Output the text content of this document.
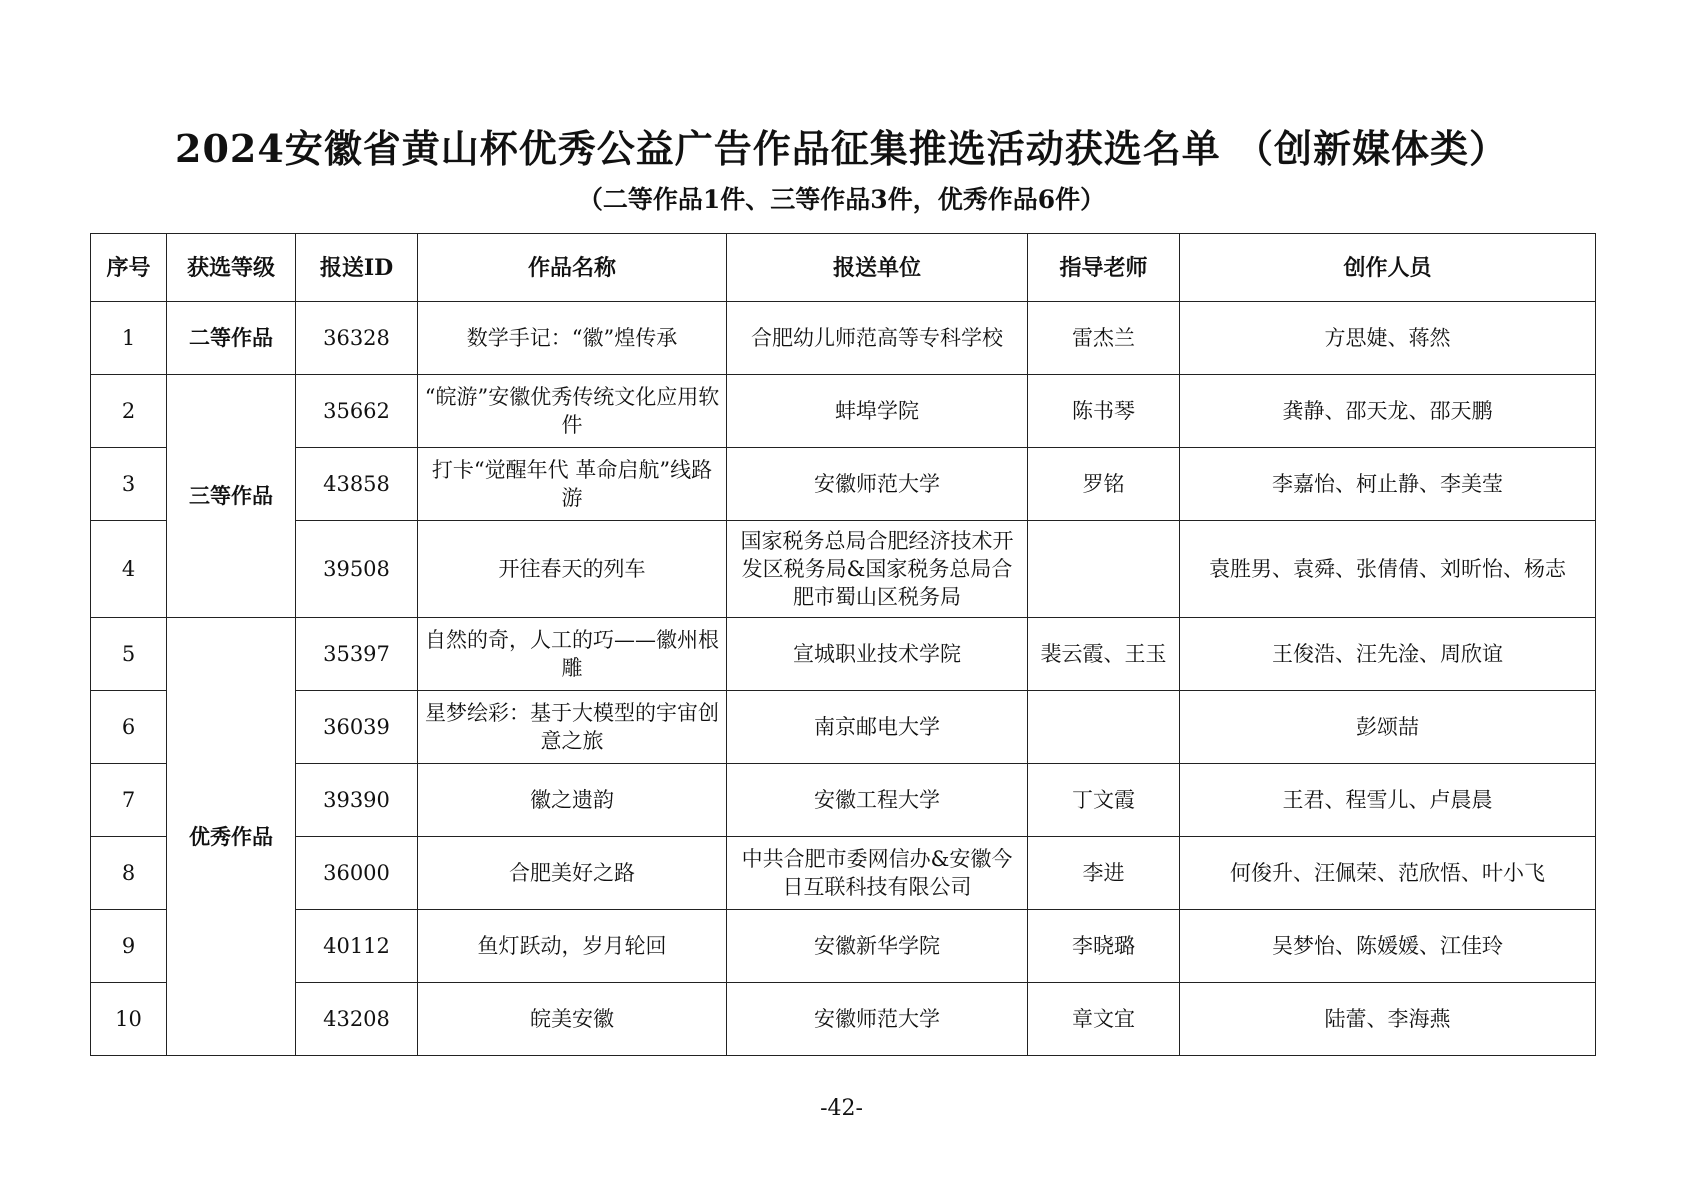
2024安徽省黄山杯优秀公益广告作品征集推选活动获选名单 （创新媒体类）
（二等作品1件、三等作品3件，优秀作品6件）
序号	获选等级	报送ID	作品名称	报送单位	指导老师	创作人员
1	二等作品	36328	数学手记：“徽”煌传承	合肥幼儿师范高等专科学校	雷杰兰	方思婕、蒋然
2	三等作品	35662	“皖游”安徽优秀传统文化应用软件	蚌埠学院	陈书琴	龚静、邵天龙、邵天鹏
3		43858	打卡“觉醒年代 革命启航”线路游	安徽师范大学	罗铭	李嘉怡、柯止静、李美莹
4		39508	开往春天的列车	国家税务总局合肥经济技术开发区税务局&国家税务总局合肥市蜀山区税务局		袁胜男、袁舜、张倩倩、刘昕怡、杨志
5	优秀作品	35397	自然的奇，人工的巧——徽州根雕	宣城职业技术学院	裴云霞、王玉	王俊浩、汪先淦、周欣谊
6		36039	星梦绘彩：基于大模型的宇宙创意之旅	南京邮电大学		彭颂喆
7		39390	徽之遗韵	安徽工程大学	丁文霞	王君、程雪儿、卢晨晨
8		36000	合肥美好之路	中共合肥市委网信办&安徽今日互联科技有限公司	李进	何俊升、汪佩荣、范欣悟、叶小飞
9		40112	鱼灯跃动，岁月轮回	安徽新华学院	李晓璐	吴梦怡、陈媛媛、江佳玲
10		43208	皖美安徽	安徽师范大学	章文宜	陆蕾、李海燕
-42-
